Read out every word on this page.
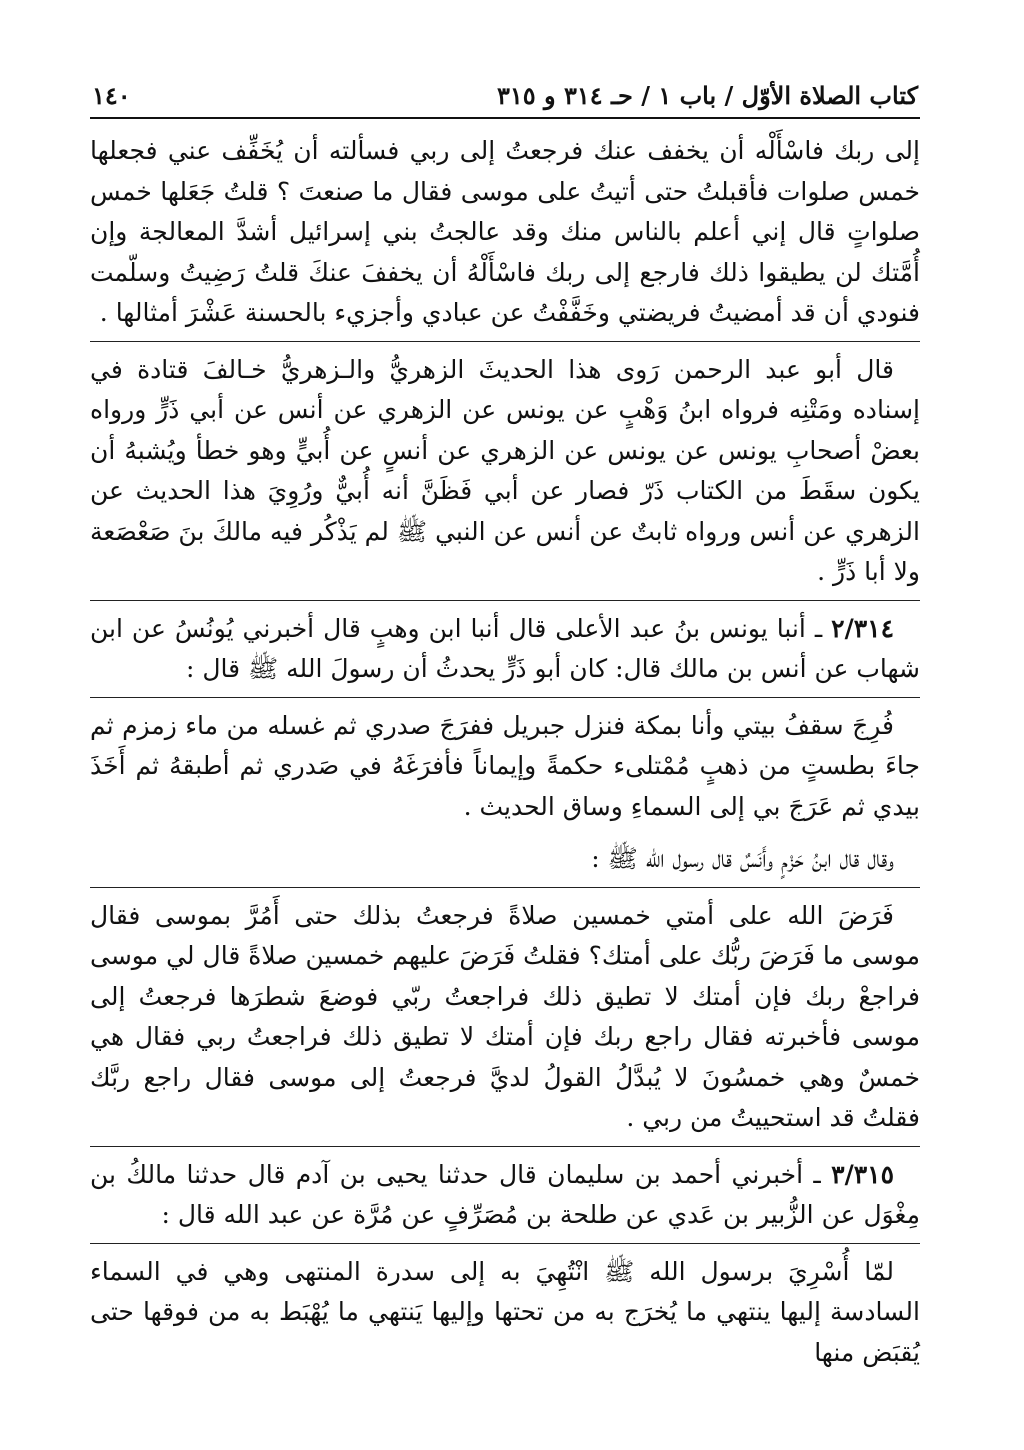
كتاب الصلاة الأوّل / باب ١ / حـ ٣١٤ و ٣١٥
١٤٠

إلى ربك فاسْأَلْه أن يخفف عنك فرجعتُ إلى ربي فسألته أن يُخَفِّف عني فجعلها خمس صلوات فأقبلتُ حتى أتيتُ على موسى فقال ما صنعتَ ؟ قلتُ جَعَلها خمس صلواتٍ قال إني أعلم بالناس منك وقد عالجتُ بني إسرائيل أشدَّ المعالجة وإن أُمَّتك لن يطيقوا ذلك فارجع إلى ربك فاسْأَلْهُ أن يخففَ عنكَ قلتُ رَضِيتُ وسلّمت فنودي أن قد أمضيتُ فريضتي وخَفَّفْتُ عن عبادي وأجزيء بالحسنة عَشْرَ أمثالها .

قال أبو عبد الرحمن رَوى هذا الحديثَ الزهريُّ والـزهريُّ خـالفَ قتادة في إسناده ومَتْنِه فرواه ابنُ وَهْبٍ عن يونس عن الزهري عن أنس عن أبي ذَرٍّ ورواه بعضْ أصحابِ يونس عن يونس عن الزهري عن أنسٍ عن أُبيٍّ وهو خطأ ويُشبهُ أن يكون سقَطَ من الكتاب ذَرّ فصار عن أبي فَظَنَّ أنه أُبيٌّ ورُوِيَ هذا الحديث عن الزهري عن أنس ورواه ثابتٌ عن أنس عن النبي ﷺ لم يَذْكُر فيه مالكَ بنَ صَعْصَعة ولا أبا ذَرٍّ .

٢/٣١٤ ـ أنبا يونس بنُ عبد الأعلى قال أنبا ابن وهبٍ قال أخبرني يُونُسُ عن ابن شهاب عن أنس بن مالك قال: كان أبو ذَرٍّ يحدثُ أن رسولَ الله ﷺ قال :

فُرِجَ سقفُ بيتي وأنا بمكة فنزل جبريل ففرَجَ صدري ثم غسله من ماء زمزم ثم جاءَ بطستٍ من ذهبٍ مُمْتلىء حكمةً وإيماناً فأفرَغَهُ في صَدري ثم أطبقهُ ثم أَخَذَ بيدي ثم عَرَجَ بي إلى السماءِ وساق الحديث .

وقال قال ابنُ حَزْمٍ وأَنَسٌ قال رسول الله ﷺ :

فَرَضَ الله على أمتي خمسين صلاةً فرجعتُ بذلك حتى أَمُرَّ بموسى فقال موسى ما فَرَضَ ربُّك على أمتك؟ فقلتُ فَرَضَ عليهم خمسين صلاةً قال لي موسى فراجعْ ربك فإن أمتك لا تطيق ذلك فراجعتُ ربّي فوضعَ شطرَها فرجعتُ إلى موسى فأخبرته فقال راجع ربك فإن أمتك لا تطيق ذلك فراجعتُ ربي فقال هي خمسٌ وهي خمسُونَ لا يُبدَّلُ القولُ لديَّ فرجعتُ إلى موسى فقال راجع ربَّك فقلتُ قد استحييتُ من ربي .

٣/٣١٥ ـ أخبرني أحمد بن سليمان قال حدثنا يحيى بن آدم قال حدثنا مالكُ بن مِغْوَل عن الزُّبير بن عَدي عن طلحة بن مُصَرِّفٍ عن مُرَّة عن عبد الله قال :

لمّا أُسْرِيَ برسول الله ﷺ انْتُهِيَ به إلى سدرة المنتهى وهي في السماء السادسة إليها ينتهي ما يُخرَج به من تحتها وإليها يَنتهي ما يُهْبَط به من فوقها حتى يُقبَض منها
